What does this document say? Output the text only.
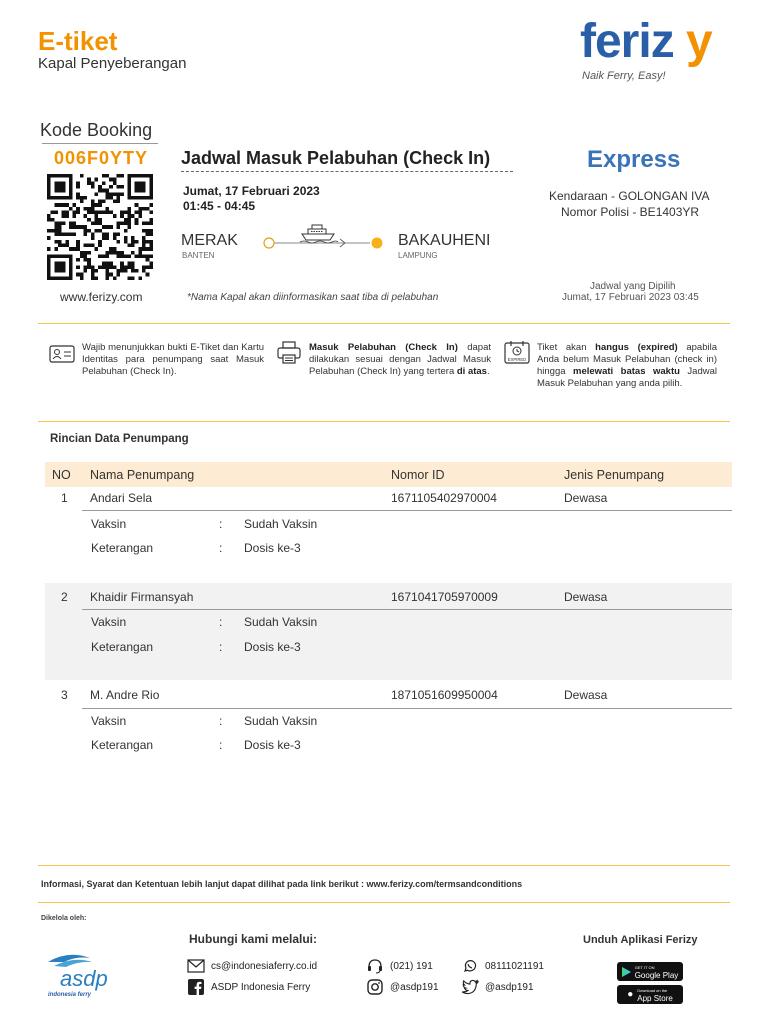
E-tiket
Kapal Penyeberangan	feriz y
Naik Ferry, Easy!
Kode Booking
006F0YTY
www.ferizy.com
Jadwal Masuk Pelabuhan (Check In)
Jumat, 17 Februari 2023
01:45 - 04:45
MERAK
BANTEN
BAKAUHENI
LAMPUNG
*Nama Kapal akan diinformasikan saat tiba di pelabuhan
Express
Kendaraan - GOLONGAN IVA
Nomor Polisi - BE1403YR
Jadwal yang Dipilih
Jumat, 17 Februari 2023 03:45
Wajib menunjukkan bukti E-Tiket dan Kartu Identitas para penumpang saat Masuk Pelabuhan (Check In).
Masuk Pelabuhan (Check In) dapat dilakukan sesuai dengan Jadwal Masuk Pelabuhan (Check In) yang tertera di atas.
EXPIRED
Tiket akan hangus (expired) apabila Anda belum Masuk Pelabuhan (check in) hingga melewati batas waktu Jadwal Masuk Pelabuhan yang anda pilih.
Rincian Data Penumpang
NO Nama Penumpang	Nomor ID	Jenis Penumpang
1 Andari Sela	1671105402970004	Dewasa
Vaksin	: Sudah Vaksin
Keterangan	: Dosis ke-3
2 Khaidir Firmansyah	1671041705970009	Dewasa
Vaksin	: Sudah Vaksin
Keterangan	: Dosis ke-3
3 M. Andre Rio	1871051609950004	Dewasa
Vaksin	: Sudah Vaksin
Keterangan	: Dosis ke-3
Informasi, Syarat dan Ketentuan lebih lanjut dapat dilihat pada link berikut : www.ferizy.com/termsandconditions
Dikelola oleh:
asdp
indonesia ferry
Hubungi kami melalui:
cs@indonesiaferry.co.id
ASDP Indonesia Ferry
(021) 191
@asdp191
08111021191
@asdp191
Unduh Aplikasi Ferizy
GET IT ON
Google Play
● Download on the
App Store
